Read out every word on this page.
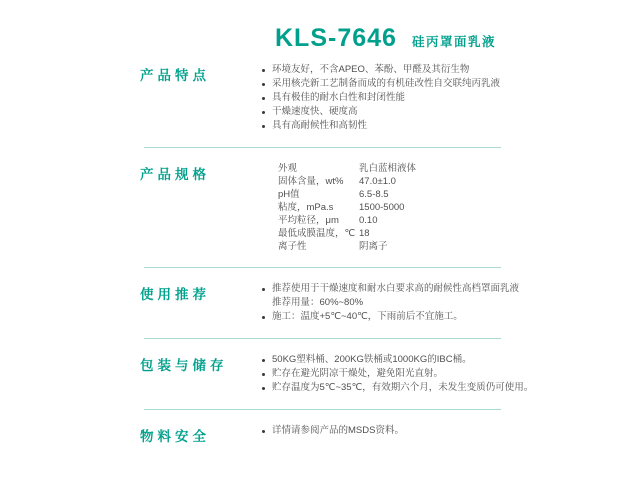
KLS-7646 硅丙罩面乳液
产品特点	环境友好，不含APEO、苯酚、甲醛及其衍生物
采用核壳新工艺制备而成的有机硅改性自交联纯丙乳液
具有极佳的耐水白性和封闭性能
干燥速度快、硬度高
具有高耐候性和高韧性
产品规格	外观	乳白蓝相液体
固体含量，wt%	47.0±1.0
pH值	6.5-8.5
粘度，mPa.s	1500-5000
平均粒径，μm	0.10
最低成膜温度，℃ 18
离子性	阴离子
使用推荐	推荐使用于干燥速度和耐水白要求高的耐候性高档罩面乳液
推荐用量：60%~80%
施工：温度+5℃~40℃，下雨前后不宜施工。
包装与储存	50KG塑料桶、200KG铁桶或1000KG的IBC桶。
贮存在避光阴凉干燥处，避免阳光直射。
贮存温度为5℃~35℃，有效期六个月，未发生变质仍可使用。
物料安全	详情请参阅产品的MSDS资料。
